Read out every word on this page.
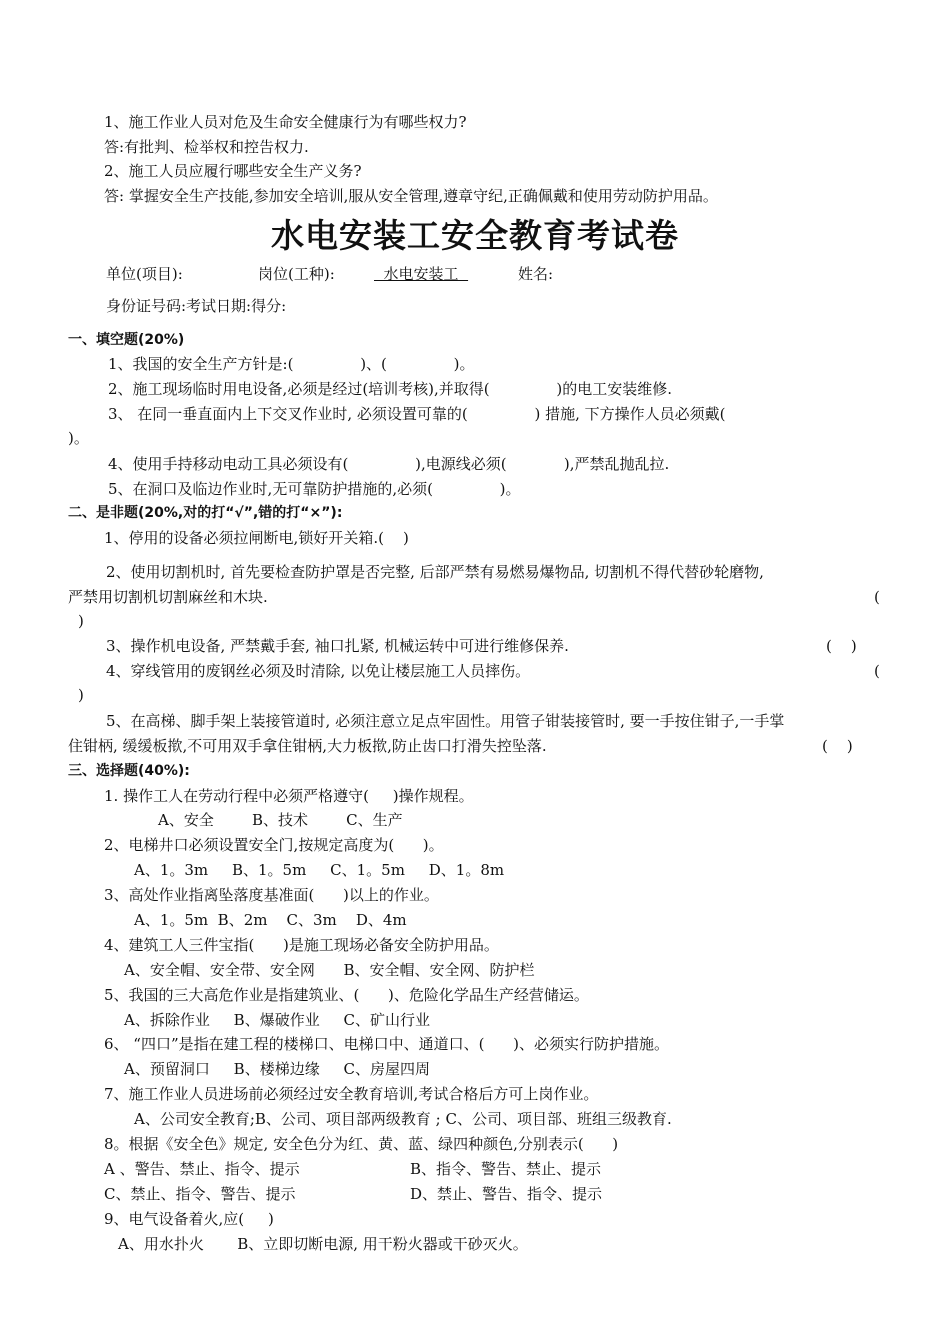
1、施工作业人员对危及生命安全健康行为有哪些权力?
答:有批判、检举权和控告权力.
2、施工人员应履行哪些安全生产义务?
答: 掌握安全生产技能,参加安全培训,服从安全管理,遵章守纪,正确佩戴和使用劳动防护用品。
水电安装工安全教育考试卷
单位(项目):	岗位(工种):	水电安装工	姓名:
身份证号码:考试日期:得分:
一、填空题(20%)
1、我国的安全生产方针是:(              )、(              )。
2、施工现场临时用电设备,必须是经过(培训考核),并取得(              )的电工安装维修.
3、 在同一垂直面内上下交叉作业时, 必须设置可靠的(              ) 措施, 下方操作人员必须戴(
)。
4、使用手持移动电动工具必须设有(              ),电源线必须(            ),严禁乱抛乱拉.
5、在洞口及临边作业时,无可靠防护措施的,必须(              )。
二、是非题(20%,对的打“√”,错的打“×”):
1、停用的设备必须拉闸断电,锁好开关箱.(    )
2、使用切割机时, 首先要检查防护罩是否完整, 后部严禁有易燃易爆物品, 切割机不得代替砂轮磨物,
严禁用切割机切割麻丝和木块.	(
)
3、操作机电设备, 严禁戴手套, 袖口扎紧, 机械运转中可进行维修保养.	(    )
4、穿线管用的废钢丝必须及时清除, 以免让楼层施工人员摔伤。	(
)
5、在高梯、脚手架上装接管道时, 必须注意立足点牢固性。用管子钳装接管时, 要一手按住钳子,一手掌
住钳柄, 缓缓板揿,不可用双手拿住钳柄,大力板揿,防止齿口打滑失控坠落.	(    )
三、选择题(40%):
1. 操作工人在劳动行程中必须严格遵守(     )操作规程。
A、安全        B、技术        C、生产
2、电梯井口必须设置安全门,按规定高度为(      )。
A、1。3m     B、1。5m     C、1。5m     D、1。8m
3、高处作业指离坠落度基准面(      )以上的作业。
A、1。5m  B、2m    C、3m    D、4m
4、建筑工人三件宝指(      )是施工现场必备安全防护用品。
A、安全帽、安全带、安全网      B、安全帽、安全网、防护栏
5、我国的三大高危作业是指建筑业、(      )、危险化学品生产经营储运。
A、拆除作业     B、爆破作业     C、矿山行业
6、 “四口”是指在建工程的楼梯口、电梯口中、通道口、(      )、必须实行防护措施。
A、预留洞口     B、楼梯边缘     C、房屋四周
7、施工作业人员进场前必须经过安全教育培训,考试合格后方可上岗作业。
A、公司安全教育;B、公司、项目部两级教育 ; C、公司、项目部、班组三级教育.
8。根据《安全色》规定, 安全色分为红、黄、蓝、绿四种颜色,分别表示(      )
A 、警告、禁止、指令、提示	B、指令、警告、禁止、提示
C、禁止、指令、警告、提示	D、禁止、警告、指令、提示
9、电气设备着火,应(     )
A、用水扑火       B、立即切断电源, 用干粉火器或干砂灭火。
